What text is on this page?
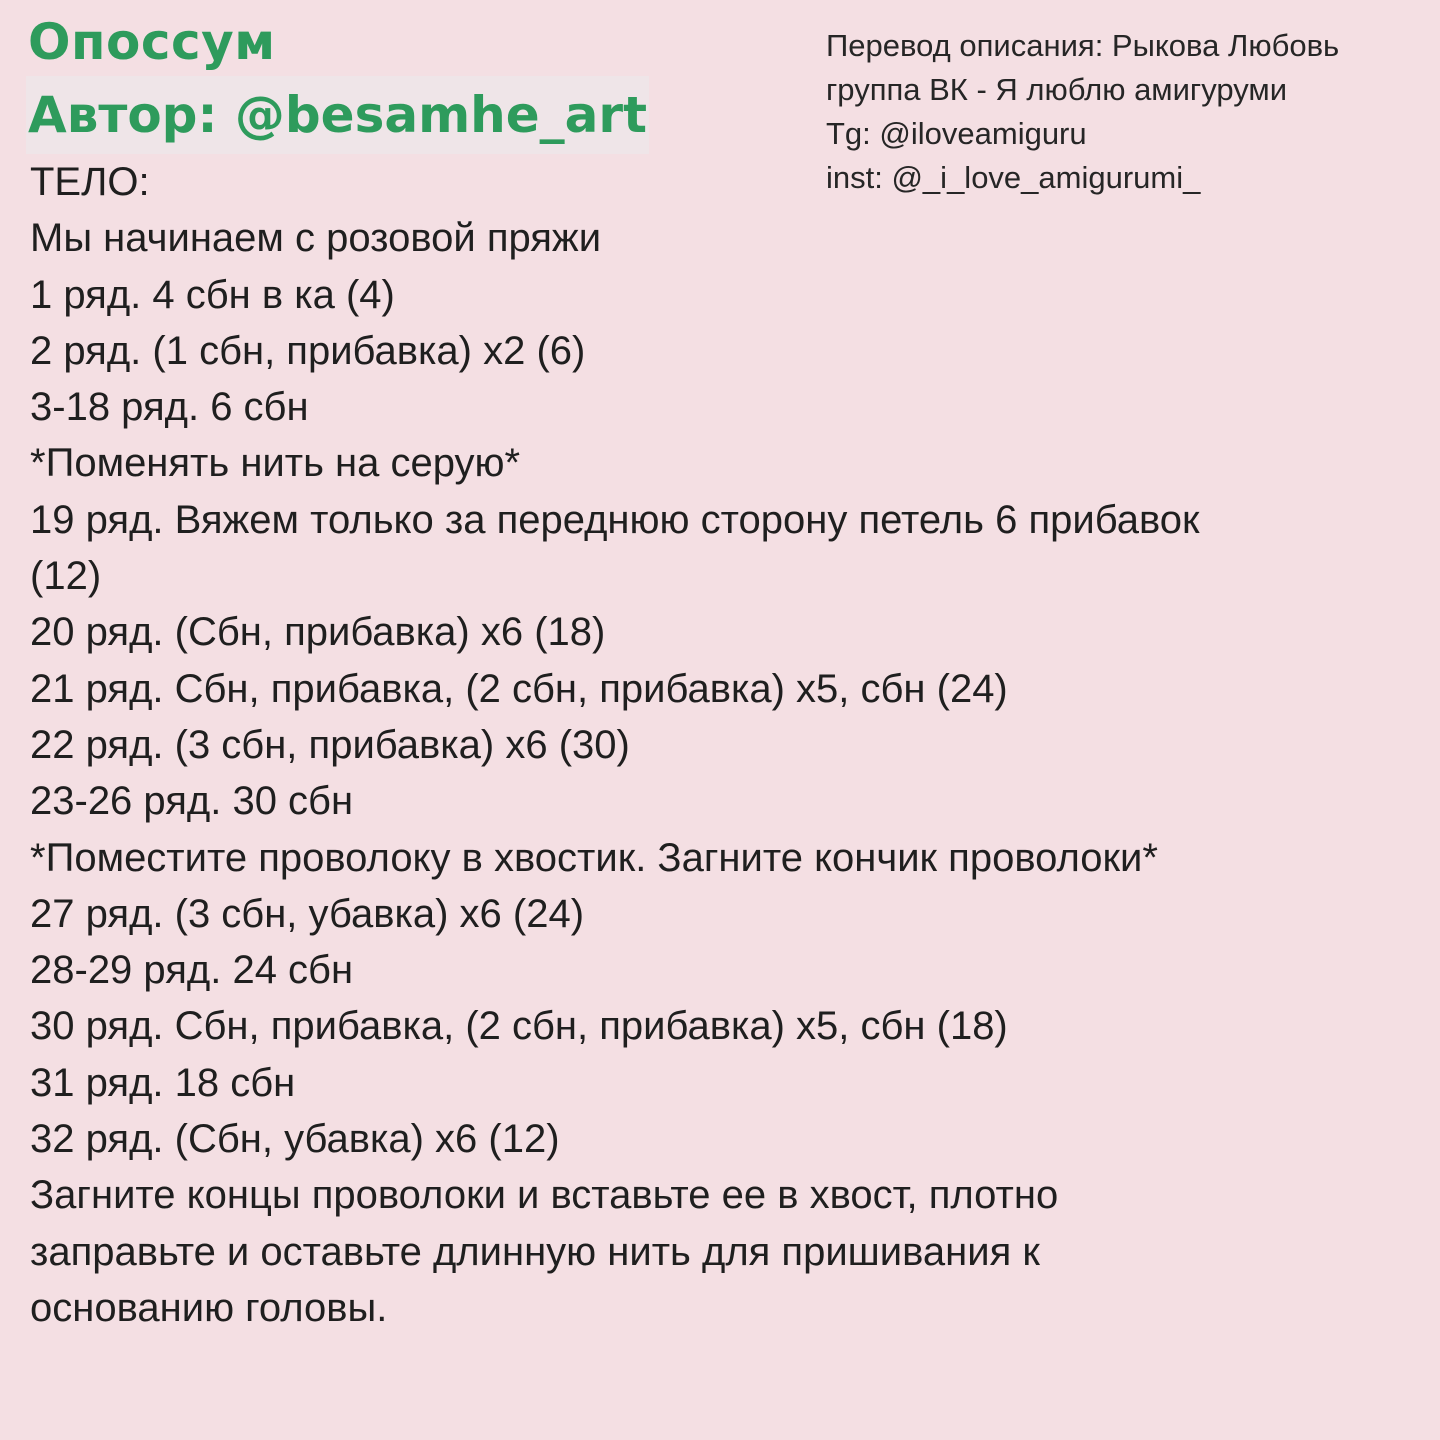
Опоссум
Автор: @besamhe_art
Перевод описания: Рыкова Любовь
группа ВК - Я люблю амигуруми
Tg: @iloveamiguru
inst: @_i_love_amigurumi_
ТЕЛО:
Мы начинаем с розовой пряжи
1 ряд. 4 сбн в ка (4)
2 ряд. (1 сбн, прибавка) x2 (6)
3-18 ряд. 6 сбн
*Поменять нить на серую*
19 ряд. Вяжем только за переднюю сторону петель 6 прибавок
(12)
20 ряд. (Сбн, прибавка) x6 (18)
21 ряд. Сбн, прибавка, (2 сбн, прибавка) x5, сбн (24)
22 ряд. (3 сбн, прибавка) x6 (30)
23-26 ряд. 30 сбн
*Поместите проволоку в хвостик. Загните кончик проволоки*
27 ряд. (3 сбн, убавка) x6 (24)
28-29 ряд. 24 сбн
30 ряд. Сбн, прибавка, (2 сбн, прибавка) x5, сбн (18)
31 ряд. 18 сбн
32 ряд. (Сбн, убавка) x6 (12)
Загните концы проволоки и вставьте ее в хвост, плотно
заправьте и оставьте длинную нить для пришивания к
основанию головы.
